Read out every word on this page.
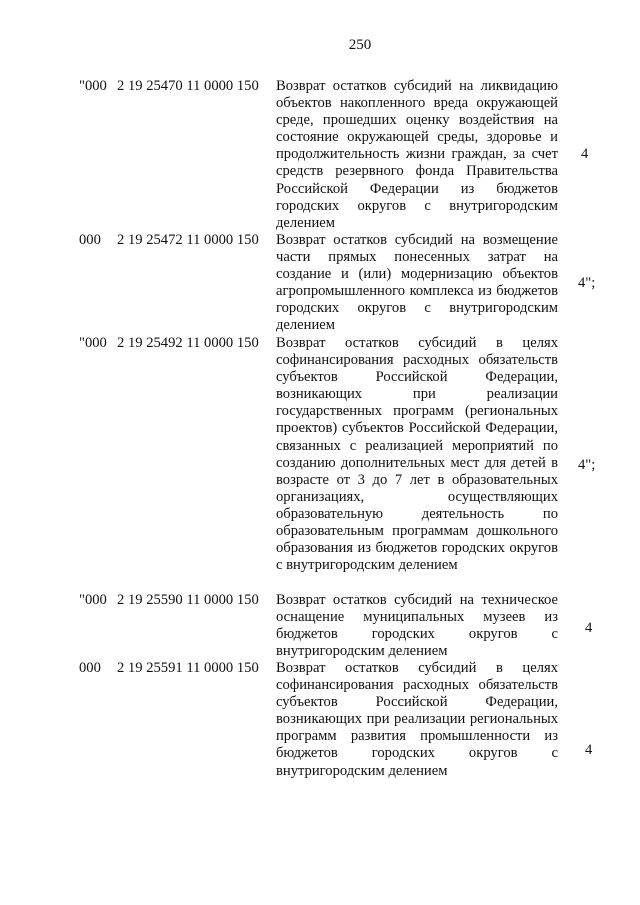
250
"000 2 19 25470 11 0000 150 Возврат остатков субсидий на ликвидацию объектов накопленного вреда окружающей среде, прошедших оценку воздействия на состояние окружающей среды, здоровье и продолжительность жизни граждан, за счет средств резервного фонда Правительства Российской Федерации из бюджетов городских округов с внутригородским делением
4
000 2 19 25472 11 0000 150 Возврат остатков субсидий на возмещение части прямых понесенных затрат на создание и (или) модернизацию объектов агропромышленного комплекса из бюджетов городских округов с внутригородским делением
4";
"000 2 19 25492 11 0000 150 Возврат остатков субсидий в целях софинансирования расходных обязательств субъектов Российской Федерации, возникающих при реализации государственных программ (региональных проектов) субъектов Российской Федерации, связанных с реализацией мероприятий по созданию дополнительных мест для детей в возрасте от 3 до 7 лет в образовательных организациях, осуществляющих образовательную деятельность по образовательным программам дошкольного образования из бюджетов городских округов с внутригородским делением
4";
"000 2 19 25590 11 0000 150 Возврат остатков субсидий на техническое оснащение муниципальных музеев из бюджетов городских округов с внутригородским делением
4
000 2 19 25591 11 0000 150 Возврат остатков субсидий в целях софинансирования расходных обязательств субъектов Российской Федерации, возникающих при реализации региональных программ развития промышленности из бюджетов городских округов с внутригородским делением
4
